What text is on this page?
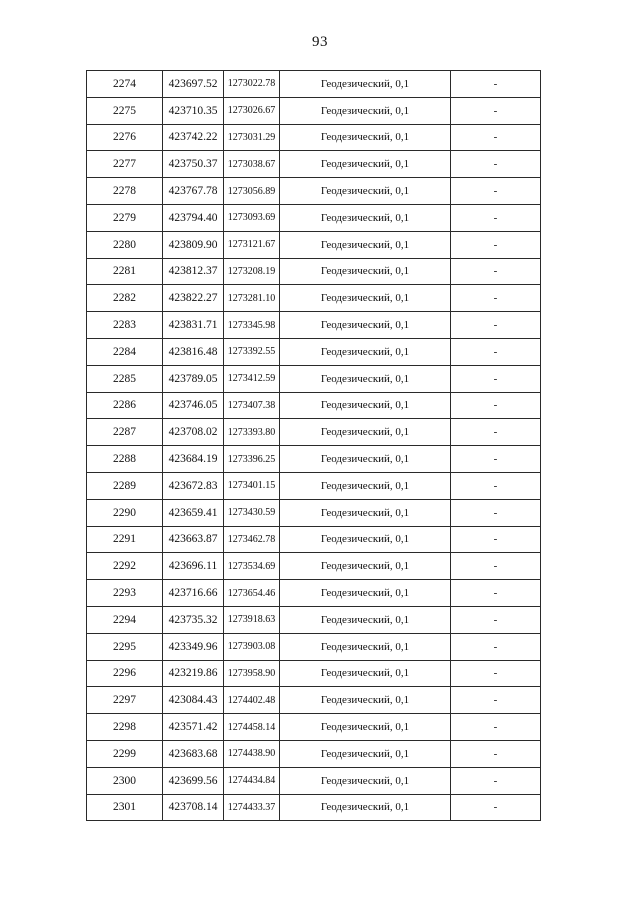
93
2274	423697.52	1273022.78	Геодезический, 0,1	-
2275	423710.35	1273026.67	Геодезический, 0,1	-
2276	423742.22	1273031.29	Геодезический, 0,1	-
2277	423750.37	1273038.67	Геодезический, 0,1	-
2278	423767.78	1273056.89	Геодезический, 0,1	-
2279	423794.40	1273093.69	Геодезический, 0,1	-
2280	423809.90	1273121.67	Геодезический, 0,1	-
2281	423812.37	1273208.19	Геодезический, 0,1	-
2282	423822.27	1273281.10	Геодезический, 0,1	-
2283	423831.71	1273345.98	Геодезический, 0,1	-
2284	423816.48	1273392.55	Геодезический, 0,1	-
2285	423789.05	1273412.59	Геодезический, 0,1	-
2286	423746.05	1273407.38	Геодезический, 0,1	-
2287	423708.02	1273393.80	Геодезический, 0,1	-
2288	423684.19	1273396.25	Геодезический, 0,1	-
2289	423672.83	1273401.15	Геодезический, 0,1	-
2290	423659.41	1273430.59	Геодезический, 0,1	-
2291	423663.87	1273462.78	Геодезический, 0,1	-
2292	423696.11	1273534.69	Геодезический, 0,1	-
2293	423716.66	1273654.46	Геодезический, 0,1	-
2294	423735.32	1273918.63	Геодезический, 0,1	-
2295	423349.96	1273903.08	Геодезический, 0,1	-
2296	423219.86	1273958.90	Геодезический, 0,1	-
2297	423084.43	1274402.48	Геодезический, 0,1	-
2298	423571.42	1274458.14	Геодезический, 0,1	-
2299	423683.68	1274438.90	Геодезический, 0,1	-
2300	423699.56	1274434.84	Геодезический, 0,1	-
2301	423708.14	1274433.37	Геодезический, 0,1	-
